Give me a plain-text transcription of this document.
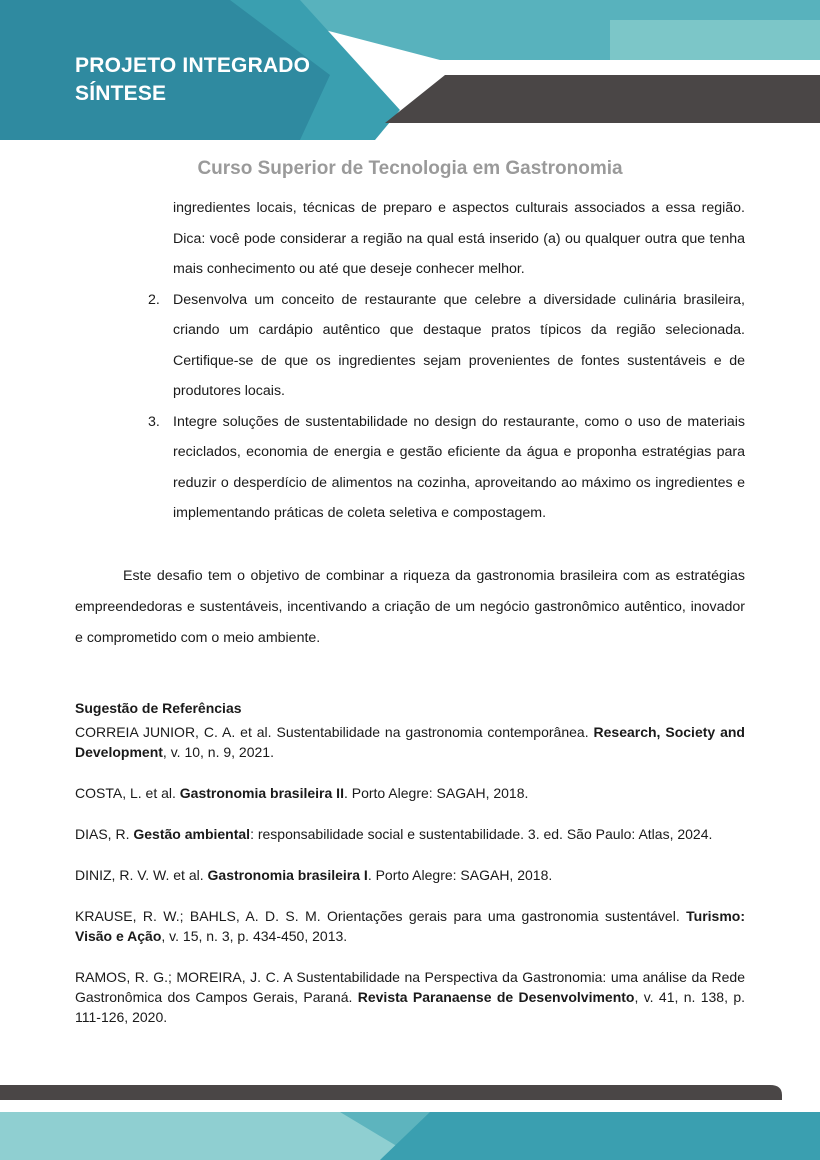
PROJETO INTEGRADO
SÍNTESE
Curso Superior de Tecnologia em Gastronomia
ingredientes locais, técnicas de preparo e aspectos culturais associados a essa região. Dica: você pode considerar a região na qual está inserido (a) ou qualquer outra que tenha mais conhecimento ou até que deseje conhecer melhor.
2. Desenvolva um conceito de restaurante que celebre a diversidade culinária brasileira, criando um cardápio autêntico que destaque pratos típicos da região selecionada. Certifique-se de que os ingredientes sejam provenientes de fontes sustentáveis e de produtores locais.
3. Integre soluções de sustentabilidade no design do restaurante, como o uso de materiais reciclados, economia de energia e gestão eficiente da água e proponha estratégias para reduzir o desperdício de alimentos na cozinha, aproveitando ao máximo os ingredientes e implementando práticas de coleta seletiva e compostagem.

Este desafio tem o objetivo de combinar a riqueza da gastronomia brasileira com as estratégias empreendedoras e sustentáveis, incentivando a criação de um negócio gastronômico autêntico, inovador e comprometido com o meio ambiente.

Sugestão de Referências
CORREIA JUNIOR, C. A. et al. Sustentabilidade na gastronomia contemporânea. Research, Society and Development, v. 10, n. 9, 2021.
COSTA, L. et al. Gastronomia brasileira II. Porto Alegre: SAGAH, 2018.
DIAS, R. Gestão ambiental: responsabilidade social e sustentabilidade. 3. ed. São Paulo: Atlas, 2024.
DINIZ, R. V. W. et al. Gastronomia brasileira I. Porto Alegre: SAGAH, 2018.
KRAUSE, R. W.; BAHLS, A. D. S. M. Orientações gerais para uma gastronomia sustentável. Turismo: Visão e Ação, v. 15, n. 3, p. 434-450, 2013.
RAMOS, R. G.; MOREIRA, J. C. A Sustentabilidade na Perspectiva da Gastronomia: uma análise da Rede Gastronômica dos Campos Gerais, Paraná. Revista Paranaense de Desenvolvimento, v. 41, n. 138, p. 111-126, 2020.
